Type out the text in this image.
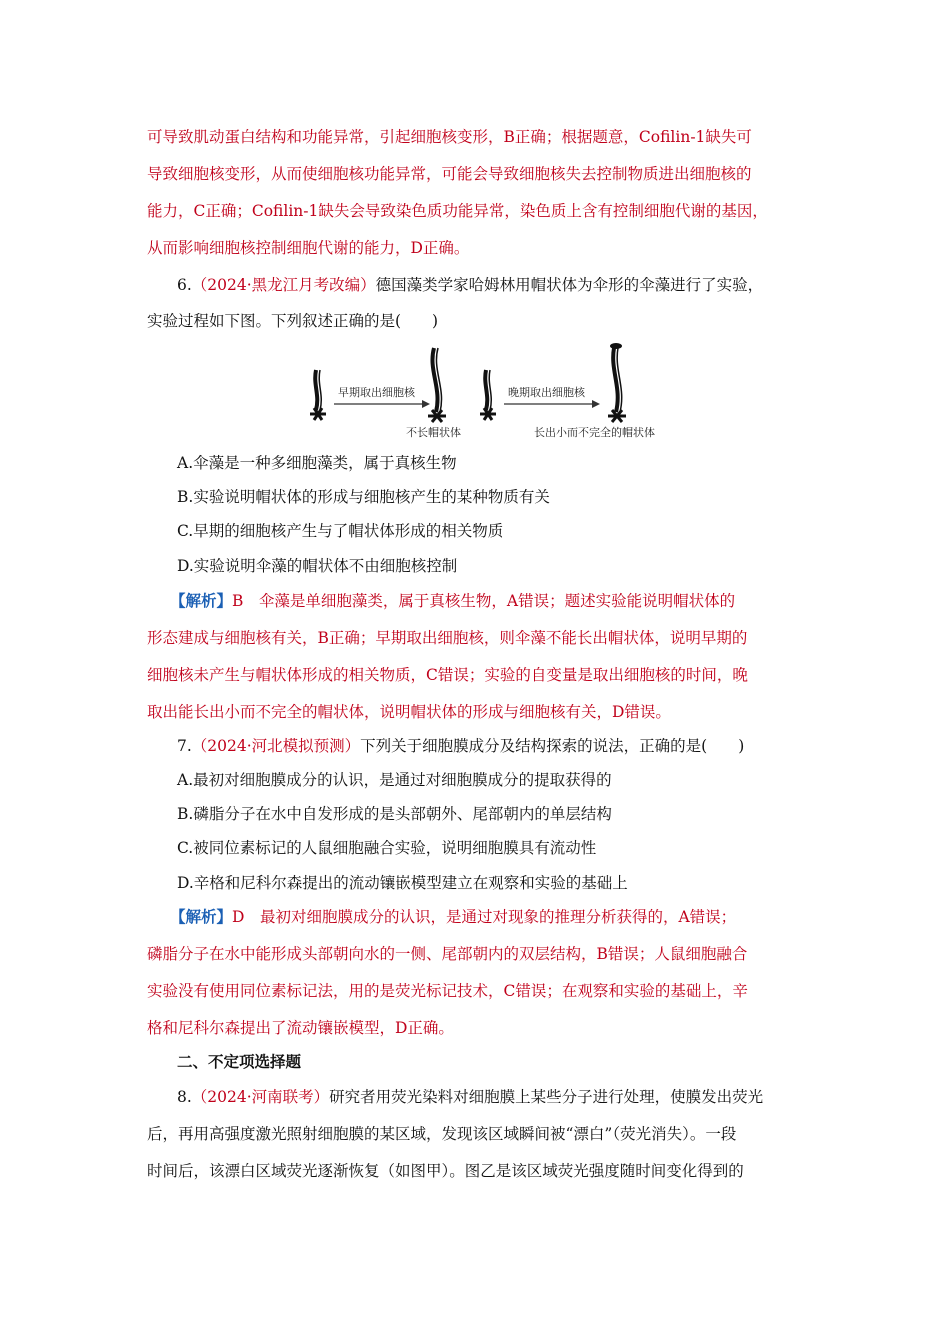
可导致肌动蛋白结构和功能异常，引起细胞核变形，B正确；根据题意，Cofilin-1缺失可
导致细胞核变形，从而使细胞核功能异常，可能会导致细胞核失去控制物质进出细胞核的
能力，C正确；Cofilin-1缺失会导致染色质功能异常，染色质上含有控制细胞代谢的基因，
从而影响细胞核控制细胞代谢的能力，D正确。
6.（2024·黑龙江月考改编）德国藻类学家哈姆林用帽状体为伞形的伞藻进行了实验，
实验过程如下图。下列叙述正确的是(　　)
早期取出细胞核
不长帽状体
晚期取出细胞核
长出小而不完全的帽状体
A.伞藻是一种多细胞藻类，属于真核生物
B.实验说明帽状体的形成与细胞核产生的某种物质有关
C.早期的细胞核产生与了帽状体形成的相关物质
D.实验说明伞藻的帽状体不由细胞核控制
【解析】B　伞藻是单细胞藻类，属于真核生物，A错误；题述实验能说明帽状体的
形态建成与细胞核有关，B正确；早期取出细胞核，则伞藻不能长出帽状体，说明早期的
细胞核未产生与帽状体形成的相关物质，C错误；实验的自变量是取出细胞核的时间，晚
取出能长出小而不完全的帽状体，说明帽状体的形成与细胞核有关，D错误。
7.（2024·河北模拟预测）下列关于细胞膜成分及结构探索的说法，正确的是(　　)
A.最初对细胞膜成分的认识，是通过对细胞膜成分的提取获得的
B.磷脂分子在水中自发形成的是头部朝外、尾部朝内的单层结构
C.被同位素标记的人鼠细胞融合实验，说明细胞膜具有流动性
D.辛格和尼科尔森提出的流动镶嵌模型建立在观察和实验的基础上
【解析】D　最初对细胞膜成分的认识，是通过对现象的推理分析获得的，A错误；
磷脂分子在水中能形成头部朝向水的一侧、尾部朝内的双层结构，B错误；人鼠细胞融合
实验没有使用同位素标记法，用的是荧光标记技术，C错误；在观察和实验的基础上，辛
格和尼科尔森提出了流动镶嵌模型，D正确。
二、不定项选择题
8.（2024·河南联考）研究者用荧光染料对细胞膜上某些分子进行处理，使膜发出荧光
后，再用高强度激光照射细胞膜的某区域，发现该区域瞬间被“漂白”（荧光消失）。一段
时间后，该漂白区域荧光逐渐恢复（如图甲）。图乙是该区域荧光强度随时间变化得到的
